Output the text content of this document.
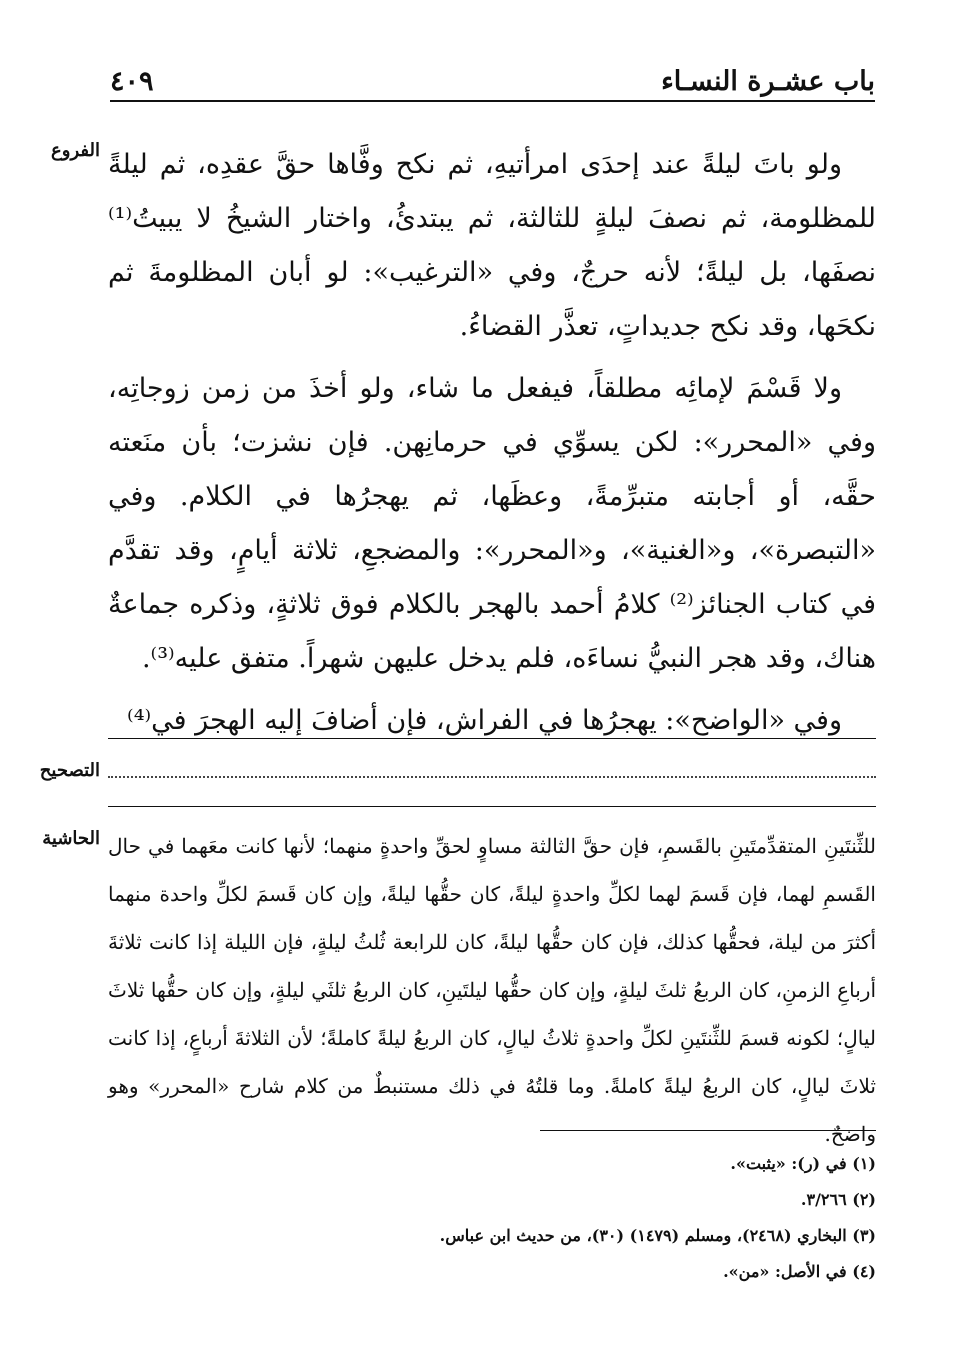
باب عشـرة النسـاء
٤٠٩
الفروع ولو باتَ ليلةً عند إحدَى امرأتيهِ، ثم نكح وفَّاها حقَّ عقدِه، ثم ليلةً للمظلومة، ثم نصفَ ليلةٍ للثالثة، ثم يبتدئُ، واختار الشيخُ لا يبيتُ⁽¹⁾ نصفَها، بل ليلةً؛ لأنه حرجٌ، وفي «الترغيب»: لو أبان المظلومةَ ثم نكحَها، وقد نكح جديداتٍ، تعذَّر القضاءُ.

ولا قَسْمَ لإمائِه مطلقاً، فيفعل ما شاء، ولو أخذَ من زمن زوجاتِه، وفي «المحرر»: لكن يسوِّي في حرمانِهن. فإن نشزت؛ بأن منَعته حقَّه، أو أجابته متبرِّمةً، وعظَها، ثم يهجرُها في الكلام. وفي «التبصرة»، و«الغنية»، و«المحرر»: والمضجعِ، ثلاثة أيامٍ، وقد تقدَّم في كتاب الجنائز⁽²⁾ كلامُ أحمد بالهجر بالكلام فوق ثلاثةٍ، وذكره جماعةٌ هناك، وقد هجر النبيُّ نساءَه، فلم يدخل عليهن شهراً. متفق عليه⁽³⁾.

وفي «الواضح»: يهجرُها في الفراش، فإن أضافَ إليه الهجرَ في⁽⁴⁾

التصحيح
الحاشية للثِّنتَينِ المتقدِّمتَينِ بالقَسمِ، فإن حقَّ الثالثة مساوٍ لحقِّ واحدةٍ منهما؛ لأنها كانت معَهما في حال القَسمِ لهما، فإن قَسمَ لهما لكلِّ واحدةٍ ليلةً، كان حقُّها ليلةً، وإن كان قَسمَ لكلِّ واحدة منهما أكثرَ من ليلة، فحقُّها كذلك، فإن كان حقُّها ليلةً، كان للرابعة ثُلثُ ليلةٍ، فإن الليلة إذا كانت ثلاثةَ أرباعِ الزمنِ، كان الربعُ ثلثَ ليلةٍ، وإن كان حقُّها ليلتَينِ، كان الربعُ ثلثَي ليلةٍ، وإن كان حقُّها ثلاثَ ليالٍ؛ لكونه قسمَ للثِّنتَينِ لكلِّ واحدةٍ ثلاثُ ليالٍ، كان الربعُ ليلةً كاملةً؛ لأن الثلاثةَ أرباعٍ، إذا كانت ثلاثَ ليالٍ، كان الربعُ ليلةً كاملةً. وما قلتُهُ في ذلك مستنبطٌ من كلام شارح «المحرر» وهو واضحٌ.

(١) في (ر): «يثبت».
(٢) ٣/٢٦٦.
(٣) البخاري (٢٤٦٨)، ومسلم (١٤٧٩) (٣٠)، من حديث ابن عباس.
(٤) في الأصل: «من».
